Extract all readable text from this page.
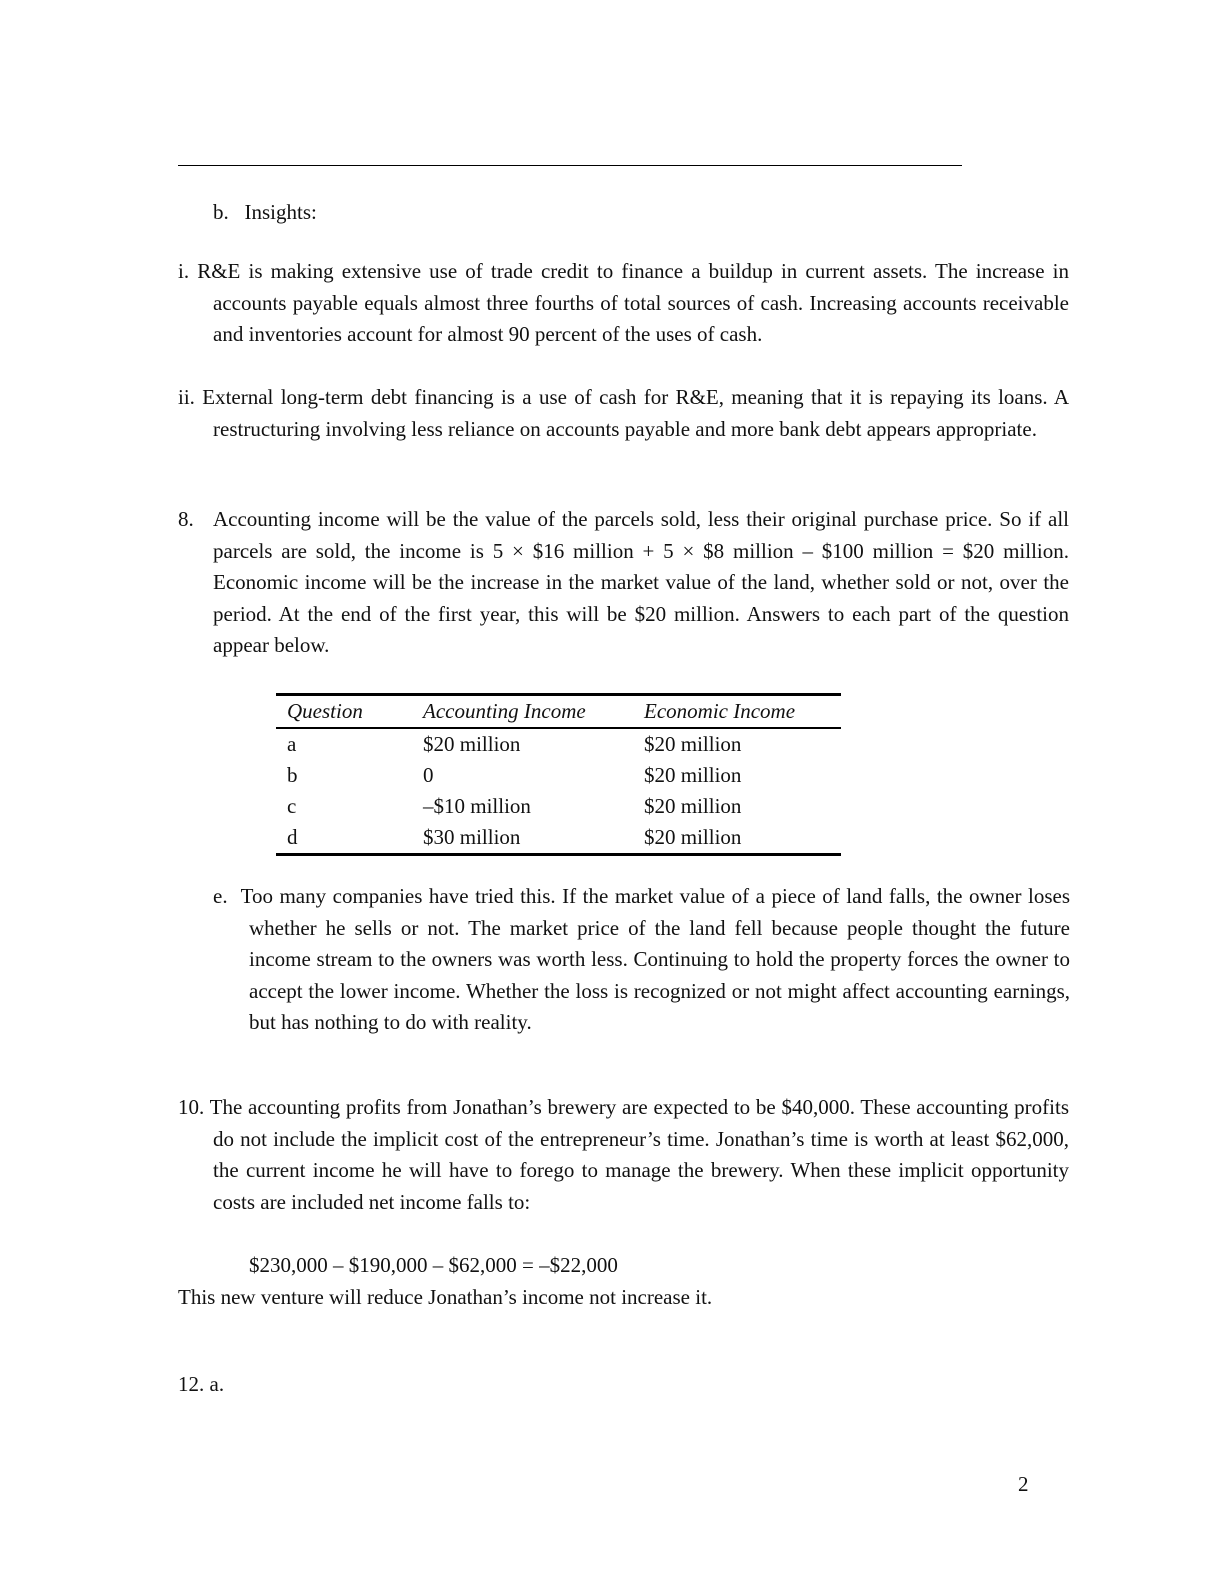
b.   Insights:
i. R&E is making extensive use of trade credit to finance a buildup in current assets. The increase in accounts payable equals almost three fourths of total sources of cash. Increasing accounts receivable and inventories account for almost 90 percent of the uses of cash.
ii. External long-term debt financing is a use of cash for R&E, meaning that it is repaying its loans. A restructuring involving less reliance on accounts payable and more bank debt appears appropriate.
8. Accounting income will be the value of the parcels sold, less their original purchase price. So if all parcels are sold, the income is 5 × $16 million + 5 × $8 million – $100 million = $20 million. Economic income will be the increase in the market value of the land, whether sold or not, over the period. At the end of the first year, this will be $20 million. Answers to each part of the question appear below.
Question	Accounting Income	Economic Income
a	$20 million	$20 million
b	0	$20 million
c	–$10 million	$20 million
d	$30 million	$20 million
e.  Too many companies have tried this. If the market value of a piece of land falls, the owner loses whether he sells or not. The market price of the land fell because people thought the future income stream to the owners was worth less. Continuing to hold the property forces the owner to accept the lower income. Whether the loss is recognized or not might affect accounting earnings, but has nothing to do with reality.
10. The accounting profits from Jonathan’s brewery are expected to be $40,000. These accounting profits do not include the implicit cost of the entrepreneur’s time. Jonathan’s time is worth at least $62,000, the current income he will have to forego to manage the brewery. When these implicit opportunity costs are included net income falls to:
$230,000 – $190,000 – $62,000 = –$22,000
This new venture will reduce Jonathan’s income not increase it.
12. a.
2
